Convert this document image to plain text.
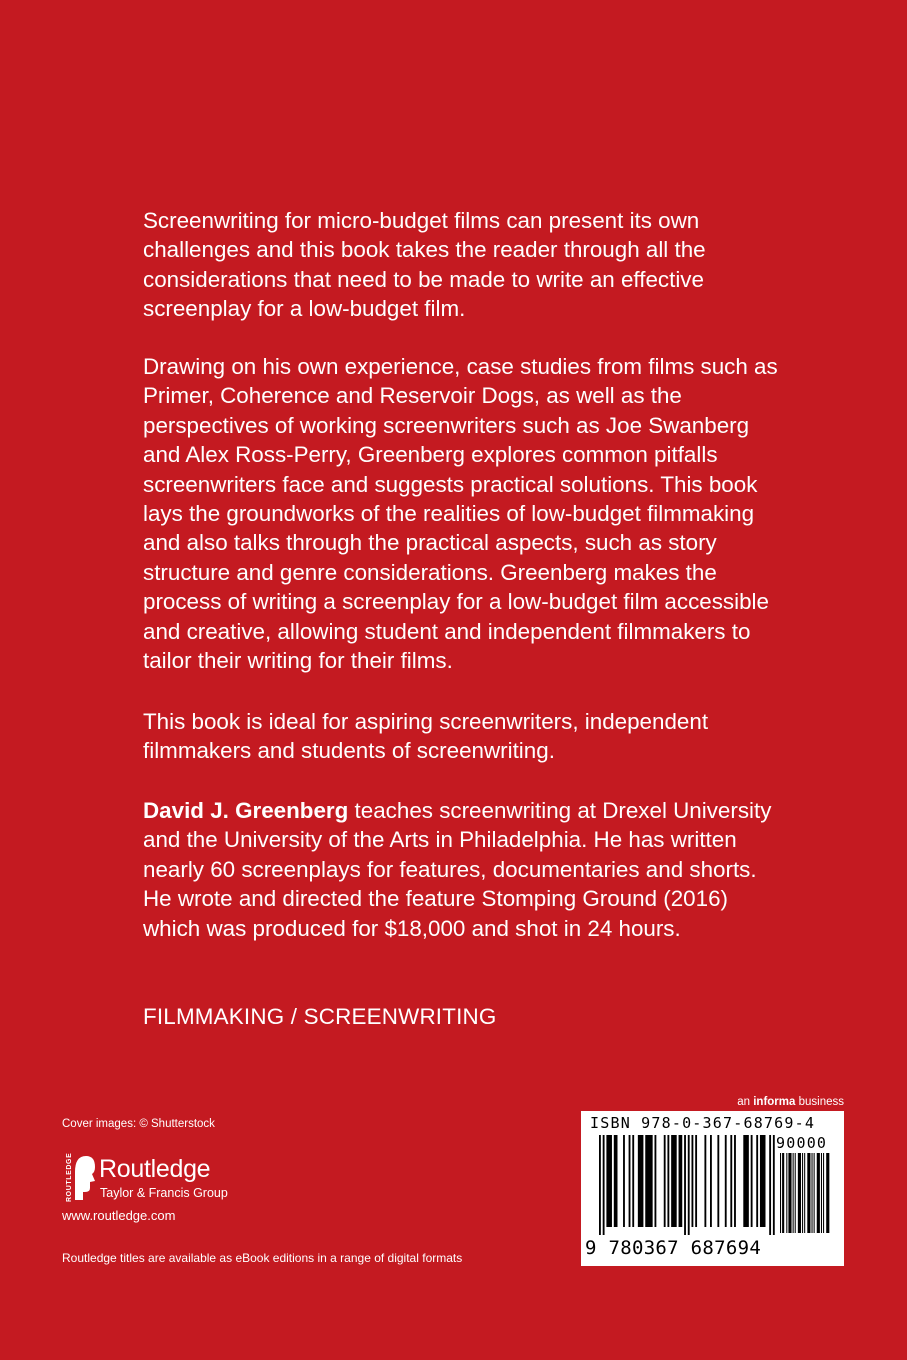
Screenwriting for micro-budget films can present its own challenges and this book takes the reader through all the considerations that need to be made to write an effective screenplay for a low-budget film.

Drawing on his own experience, case studies from films such as Primer, Coherence and Reservoir Dogs, as well as the perspectives of working screenwriters such as Joe Swanberg and Alex Ross-Perry, Greenberg explores common pitfalls screenwriters face and suggests practical solutions. This book lays the groundworks of the realities of low-budget filmmaking and also talks through the practical aspects, such as story structure and genre considerations. Greenberg makes the process of writing a screenplay for a low-budget film accessible and creative, allowing student and independent filmmakers to tailor their writing for their films.

This book is ideal for aspiring screenwriters, independent filmmakers and students of screenwriting.

David J. Greenberg teaches screenwriting at Drexel University and the University of the Arts in Philadelphia. He has written nearly 60 screenplays for features, documentaries and shorts. He wrote and directed the feature Stomping Ground (2016) which was produced for $18,000 and shot in 24 hours.

FILMMAKING / SCREENWRITING

Cover images: © Shutterstock

ROUTLEDGE Routledge
Taylor & Francis Group

www.routledge.com

Routledge titles are available as eBook editions in a range of digital formats

an informa business

ISBN 978-0-367-68769-4
90000
9 780367 687694
